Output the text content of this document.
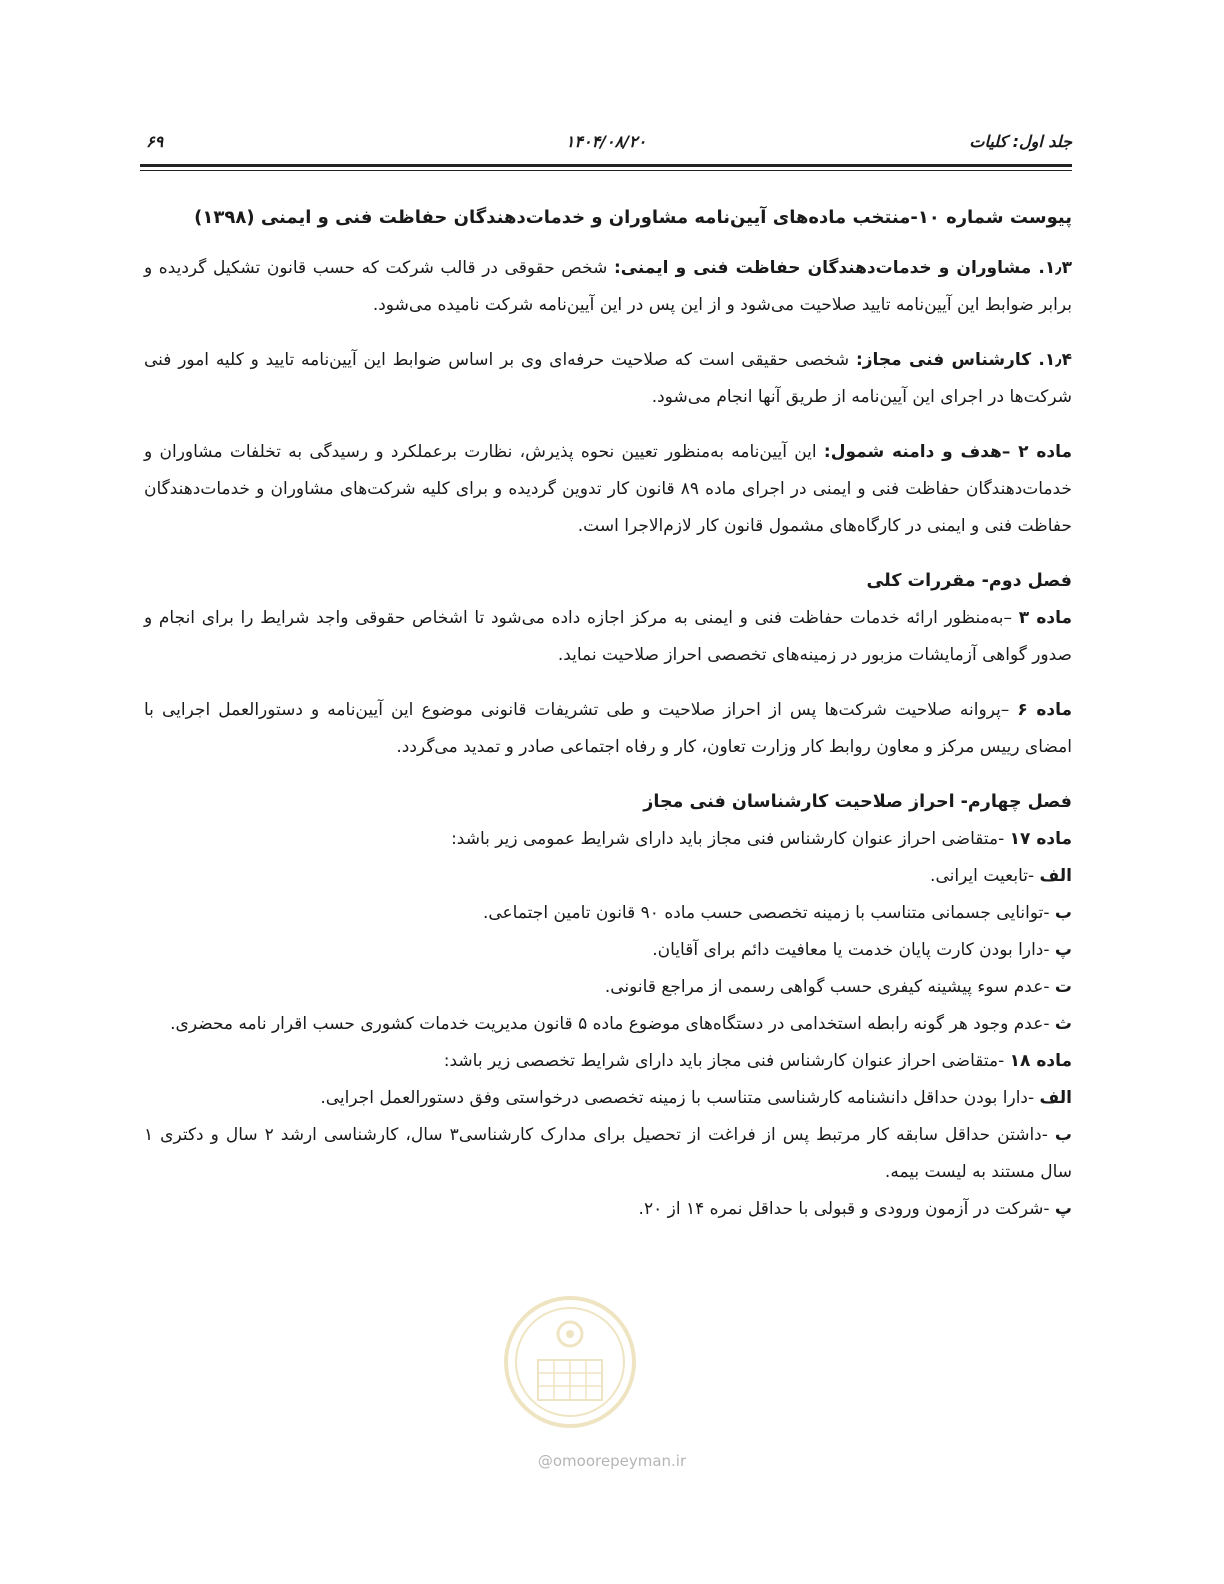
۶۹	۱۴۰۴/۰۸/۲۰	جلد اول: کلیات

پیوست شماره ۱۰-منتخب ماده‌های آیین‌نامه مشاوران و خدمات‌دهندگان حفاظت فنی و ایمنی (۱۳۹۸)

۱٫۳. مشاوران و خدمات‌دهندگان حفاظت فنی و ایمنی: شخص حقوقی در قالب شرکت که حسب قانون تشکیل گردیده و برابر ضوابط این آیین‌نامه تایید صلاحیت می‌شود و از این پس در این آیین‌نامه شرکت نامیده می‌شود.

۱٫۴. کارشناس فنی مجاز: شخصی حقیقی است که صلاحیت حرفه‌ای وی بر اساس ضوابط این آیین‌نامه تایید و کلیه امور فنی شرکت‌ها در اجرای این آیین‌نامه از طریق آنها انجام می‌شود.

ماده ۲ –هدف و دامنه شمول: این آیین‌نامه به‌منظور تعیین نحوه پذیرش، نظارت برعملکرد و رسیدگی به تخلفات مشاوران و خدمات‌دهندگان حفاظت فنی و ایمنی در اجرای ماده ۸۹ قانون کار تدوین گردیده و برای کلیه شرکت‌های مشاوران و خدمات‌دهندگان حفاظت فنی و ایمنی در کارگاه‌های مشمول قانون کار لازم‌الاجرا است.

فصل دوم- مقررات کلی

ماده ۳ –به‌منظور ارائه خدمات حفاظت فنی و ایمنی به مرکز اجازه داده می‌شود تا اشخاص حقوقی واجد شرایط را برای انجام و صدور گواهی آزمایشات مزبور در زمینه‌های تخصصی احراز صلاحیت نماید.

ماده ۶ –پروانه صلاحیت شرکت‌ها پس از احراز صلاحیت و طی تشریفات قانونی موضوع این آیین‌نامه و دستورالعمل اجرایی با امضای رییس مرکز و معاون روابط کار وزارت تعاون، کار و رفاه اجتماعی صادر و تمدید می‌گردد.

فصل چهارم- احراز صلاحیت کارشناسان فنی مجاز

ماده ۱۷ -متقاضی احراز عنوان کارشناس فنی مجاز باید دارای شرایط عمومی زیر باشد:

الف -تابعیت ایرانی.

ب -توانایی جسمانی متناسب با زمینه تخصصی حسب ماده ۹۰ قانون تامین اجتماعی.

پ -دارا بودن کارت پایان خدمت یا معافیت دائم برای آقایان.

ت -عدم سوء پیشینه کیفری حسب گواهی رسمی از مراجع قانونی.

ث -عدم وجود هر گونه رابطه استخدامی در دستگاه‌های موضوع ماده ۵ قانون مدیریت خدمات کشوری حسب اقرار نامه محضری.

ماده ۱۸ -متقاضی احراز عنوان کارشناس فنی مجاز باید دارای شرایط تخصصی زیر باشد:

الف -دارا بودن حداقل دانشنامه کارشناسی متناسب با زمینه تخصصی درخواستی وفق دستورالعمل اجرایی.

ب -داشتن حداقل سابقه کار مرتبط پس از فراغت از تحصیل برای مدارک کارشناسی۳ سال، کارشناسی ارشد ۲ سال و دکتری ۱ سال مستند به لیست بیمه.

پ -شرکت در آزمون ورودی و قبولی با حداقل نمره ۱۴ از ۲۰.

@omoorepeyman.ir
